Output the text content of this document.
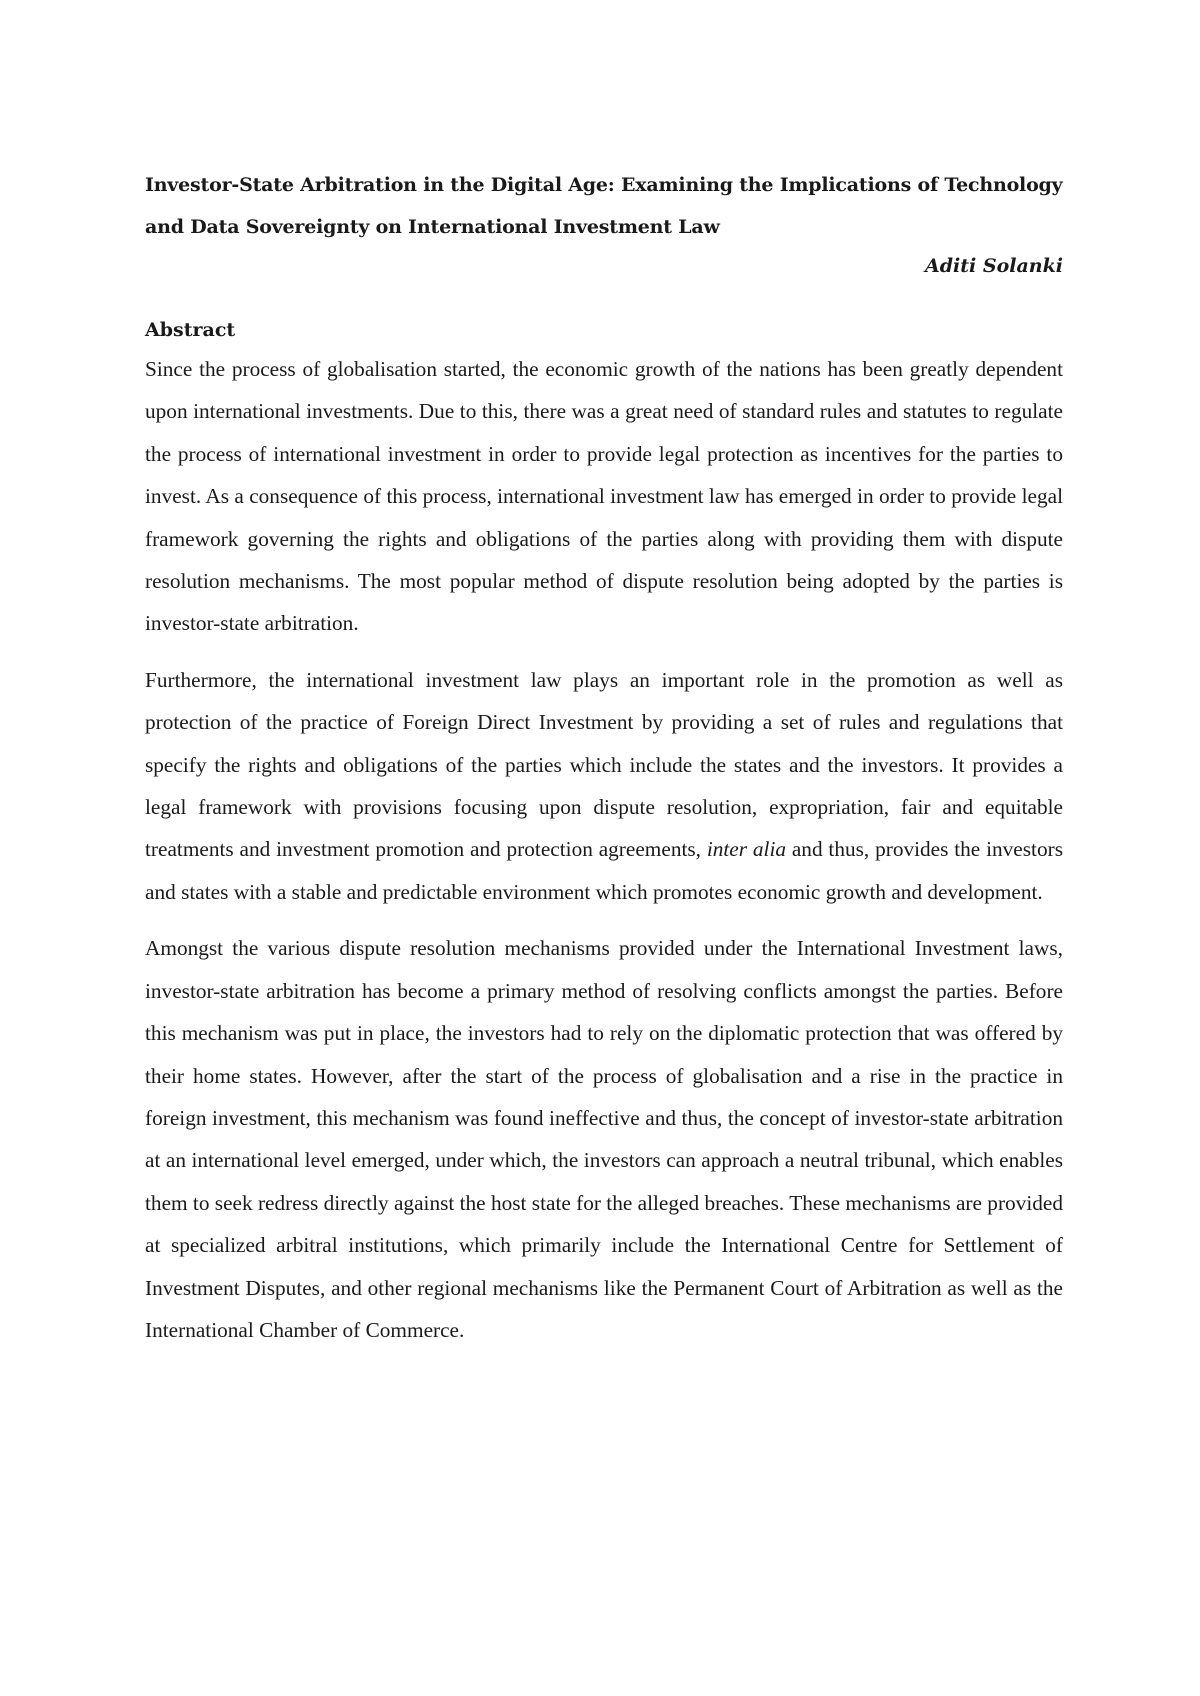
Investor-State Arbitration in the Digital Age: Examining the Implications of Technology and Data Sovereignty on International Investment Law

Aditi Solanki

Abstract

Since the process of globalisation started, the economic growth of the nations has been greatly dependent upon international investments. Due to this, there was a great need of standard rules and statutes to regulate the process of international investment in order to provide legal protection as incentives for the parties to invest. As a consequence of this process, international investment law has emerged in order to provide legal framework governing the rights and obligations of the parties along with providing them with dispute resolution mechanisms. The most popular method of dispute resolution being adopted by the parties is investor-state arbitration.

Furthermore, the international investment law plays an important role in the promotion as well as protection of the practice of Foreign Direct Investment by providing a set of rules and regulations that specify the rights and obligations of the parties which include the states and the investors. It provides a legal framework with provisions focusing upon dispute resolution, expropriation, fair and equitable treatments and investment promotion and protection agreements, inter alia and thus, provides the investors and states with a stable and predictable environment which promotes economic growth and development.

Amongst the various dispute resolution mechanisms provided under the International Investment laws, investor-state arbitration has become a primary method of resolving conflicts amongst the parties. Before this mechanism was put in place, the investors had to rely on the diplomatic protection that was offered by their home states. However, after the start of the process of globalisation and a rise in the practice in foreign investment, this mechanism was found ineffective and thus, the concept of investor-state arbitration at an international level emerged, under which, the investors can approach a neutral tribunal, which enables them to seek redress directly against the host state for the alleged breaches. These mechanisms are provided at specialized arbitral institutions, which primarily include the International Centre for Settlement of Investment Disputes, and other regional mechanisms like the Permanent Court of Arbitration as well as the International Chamber of Commerce.
